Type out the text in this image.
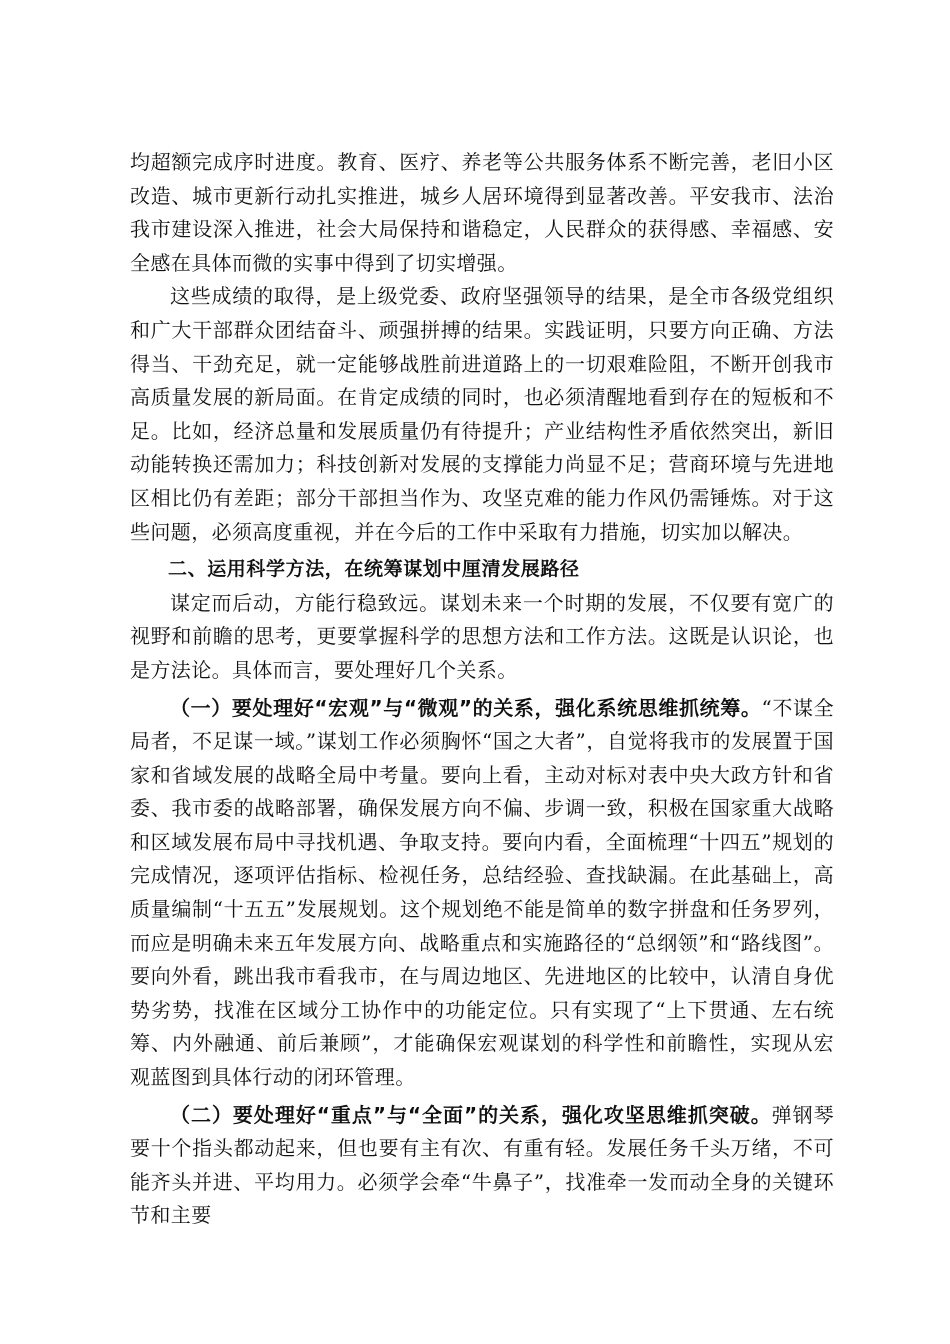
均超额完成序时进度。教育、医疗、养老等公共服务体系不断完善，老旧小区改造、城市更新行动扎实推进，城乡人居环境得到显著改善。平安我市、法治我市建设深入推进，社会大局保持和谐稳定，人民群众的获得感、幸福感、安全感在具体而微的实事中得到了切实增强。

这些成绩的取得，是上级党委、政府坚强领导的结果，是全市各级党组织和广大干部群众团结奋斗、顽强拼搏的结果。实践证明，只要方向正确、方法得当、干劲充足，就一定能够战胜前进道路上的一切艰难险阻，不断开创我市高质量发展的新局面。在肯定成绩的同时，也必须清醒地看到存在的短板和不足。比如，经济总量和发展质量仍有待提升；产业结构性矛盾依然突出，新旧动能转换还需加力；科技创新对发展的支撑能力尚显不足；营商环境与先进地区相比仍有差距；部分干部担当作为、攻坚克难的能力作风仍需锤炼。对于这些问题，必须高度重视，并在今后的工作中采取有力措施，切实加以解决。

二、运用科学方法，在统筹谋划中厘清发展路径

谋定而后动，方能行稳致远。谋划未来一个时期的发展，不仅要有宽广的视野和前瞻的思考，更要掌握科学的思想方法和工作方法。这既是认识论，也是方法论。具体而言，要处理好几个关系。

（一）要处理好“宏观”与“微观”的关系，强化系统思维抓统筹。“不谋全局者，不足谋一域。”谋划工作必须胸怀“国之大者”，自觉将我市的发展置于国家和省域发展的战略全局中考量。要向上看，主动对标对表中央大政方针和省委、我市委的战略部署，确保发展方向不偏、步调一致，积极在国家重大战略和区域发展布局中寻找机遇、争取支持。要向内看，全面梳理“十四五”规划的完成情况，逐项评估指标、检视任务，总结经验、查找缺漏。在此基础上，高质量编制“十五五”发展规划。这个规划绝不能是简单的数字拼盘和任务罗列，而应是明确未来五年发展方向、战略重点和实施路径的“总纲领”和“路线图”。要向外看，跳出我市看我市，在与周边地区、先进地区的比较中，认清自身优势劣势，找准在区域分工协作中的功能定位。只有实现了“上下贯通、左右统筹、内外融通、前后兼顾”，才能确保宏观谋划的科学性和前瞻性，实现从宏观蓝图到具体行动的闭环管理。

（二）要处理好“重点”与“全面”的关系，强化攻坚思维抓突破。弹钢琴要十个指头都动起来，但也要有主有次、有重有轻。发展任务千头万绪，不可能齐头并进、平均用力。必须学会牵“牛鼻子”，找准牵一发而动全身的关键环节和主要
